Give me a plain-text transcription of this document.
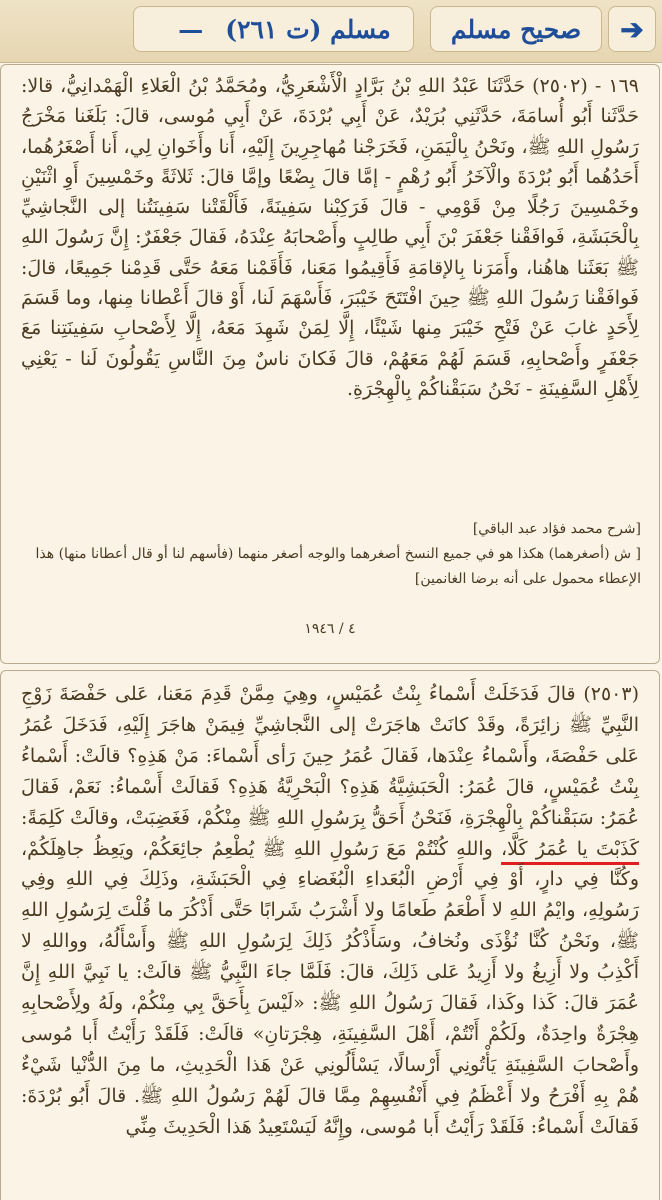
➔
صحيح مسلم
مسلم (ت ٢٦١)
—

١٦٩ - (٢٥٠٢) حَدَّثَنَا عَبْدُ اللهِ بْنُ بَرَّادٍ الْأَشْعَرِيُّ، ومُحَمَّدُ بْنُ الْعَلاءِ الْهَمْدانِيُّ، قالا: حَدَّثَنا أَبُو أُسامَةَ، حَدَّثَنِي بُرَيْدٌ، عَنْ أَبِي بُرْدَةَ، عَنْ أَبِي مُوسى، قالَ: بَلَغَنا مَخْرَجُ رَسُولِ اللهِ ﷺ، ونَحْنُ بِالْيَمَنِ، فَخَرَجْنا مُهاجِرِينَ إِلَيْهِ، أَنا وأَخَوانِ لِي، أَنا أَصْغَرُهُما، أَحَدُهُما أَبُو بُرْدَةَ والْآخَرُ أَبُو رُهْمٍ - إمَّا قالَ بِضْعًا وإمَّا قالَ: ثَلاثَةً وخَمْسِينَ أَوِ اثْنَيْنِ وخَمْسِينَ رَجُلًا مِنْ قَوْمِي - قالَ فَرَكِبْنا سَفِينَةً، فَأَلْقَتْنا سَفِينَتُنا إلى النَّجاشِيِّ بِالْحَبَشَةِ، فَوافَقْنا جَعْفَرَ بْنَ أَبِي طالِبٍ وأَصْحابَهُ عِنْدَهُ، فَقالَ جَعْفَرٌ: إِنَّ رَسُولَ اللهِ ﷺ بَعَثَنا هاهُنا، وأَمَرَنا بِالإقامَةِ فَأَقِيمُوا مَعَنا، فَأَقَمْنا مَعَهُ حَتَّى قَدِمْنا جَمِيعًا، قالَ: فَوافَقْنا رَسُولَ اللهِ ﷺ حِينَ افْتَتَحَ خَيْبَرَ، فَأَسْهَمَ لَنا، أَوْ قالَ أَعْطانا مِنها، وما قَسَمَ لِأَحَدٍ غابَ عَنْ فَتْحِ خَيْبَرَ مِنها شَيْئًا، إِلَّا لِمَنْ شَهِدَ مَعَهُ، إِلَّا لِأَصْحابِ سَفِينَتِنا مَعَ جَعْفَرٍ وأَصْحابِهِ، قَسَمَ لَهُمْ مَعَهُمْ، قالَ فَكانَ ناسٌ مِنَ النَّاسِ يَقُولُونَ لَنا - يَعْنِي لِأَهْلِ السَّفِينَةِ - نَحْنُ سَبَقْناكُمْ بِالْهِجْرَةِ.

[شرح محمد فؤاد عبد الباقي]
[ ش (أصغرهما) هكذا هو في جميع النسخ أصغرهما والوجه أصغر منهما (فأسهم لنا أو قال أعطانا منها) هذا الإعطاء محمول على أنه برضا الغانمين]
٤ / ١٩٤٦

(٢٥٠٣) قالَ فَدَخَلَتْ أَسْماءُ بِنْتُ عُمَيْسٍ، وهِيَ مِمَّنْ قَدِمَ مَعَنا، عَلى حَفْصَةَ زَوْجِ النَّبِيِّ ﷺ زائِرَةً، وقَدْ كانَتْ هاجَرَتْ إلى النَّجاشِيِّ فِيمَنْ هاجَرَ إِلَيْهِ، فَدَخَلَ عُمَرُ عَلى حَفْصَةَ، وأَسْماءُ عِنْدَها، فَقالَ عُمَرُ حِينَ رَأى أَسْماءَ: مَنْ هَذِهِ؟ قالَتْ: أَسْماءُ بِنْتُ عُمَيْسٍ، قالَ عُمَرُ: الْحَبَشِيَّةُ هَذِهِ؟ الْبَحْرِيَّةُ هَذِهِ؟ فَقالَتْ أَسْماءُ: نَعَمْ، فَقالَ عُمَرُ: سَبَقْناكُمْ بِالْهِجْرَةِ، فَنَحْنُ أَحَقُّ بِرَسُولِ اللهِ ﷺ مِنْكُمْ، فَغَضِبَتْ، وقالَتْ كَلِمَةً: كَذَبْتَ يا عُمَرُ كَلَّا، واللهِ كُنْتُمْ مَعَ رَسُولِ اللهِ ﷺ يُطْعِمُ جائِعَكُمْ، ويَعِظُ جاهِلَكُمْ، وكُنَّا فِي دارٍ، أَوْ فِي أَرْضِ الْبُعَداءِ الْبُغَضاءِ فِي الْحَبَشَةِ، وذَلِكَ فِي اللهِ وفِي رَسُولِهِ، وايْمُ اللهِ لا أَطْعَمُ طَعامًا ولا أَشْرَبُ شَرابًا حَتَّى أَذْكُرَ ما قُلْتَ لِرَسُولِ اللهِ ﷺ، ونَحْنُ كُنَّا نُؤْذَى ونُخافُ، وسَأَذْكُرُ ذَلِكَ لِرَسُولِ اللهِ ﷺ وأَسْأَلُهُ، وواللهِ لا أَكْذِبُ ولا أَزِيغُ ولا أَزِيدُ عَلى ذَلِكَ، قالَ: فَلَمَّا جاءَ النَّبِيُّ ﷺ قالَتْ: يا نَبِيَّ اللهِ إِنَّ عُمَرَ قالَ: كَذا وكَذا، فَقالَ رَسُولُ اللهِ ﷺ: «لَيْسَ بِأَحَقَّ بِي مِنْكُمْ، ولَهُ ولِأَصْحابِهِ هِجْرَةٌ واحِدَةٌ، ولَكُمْ أَنْتُمْ، أَهْلَ السَّفِينَةِ، هِجْرَتانِ» قالَتْ: فَلَقَدْ رَأَيْتُ أَبا مُوسى وأَصْحابَ السَّفِينَةِ يَأْتُونِي أَرْسالًا، يَسْأَلُونِي عَنْ هَذا الْحَدِيثِ، ما مِنَ الدُّنْيا شَيْءٌ هُمْ بِهِ أَفْرَحُ ولا أَعْظَمُ فِي أَنْفُسِهِمْ مِمَّا قالَ لَهُمْ رَسُولُ اللهِ ﷺ. قالَ أَبُو بُرْدَةَ: فَقالَتْ أَسْماءُ: فَلَقَدْ رَأَيْتُ أَبا مُوسى، وإِنَّهُ لَيَسْتَعِيدُ هَذا الْحَدِيثَ مِنِّي
